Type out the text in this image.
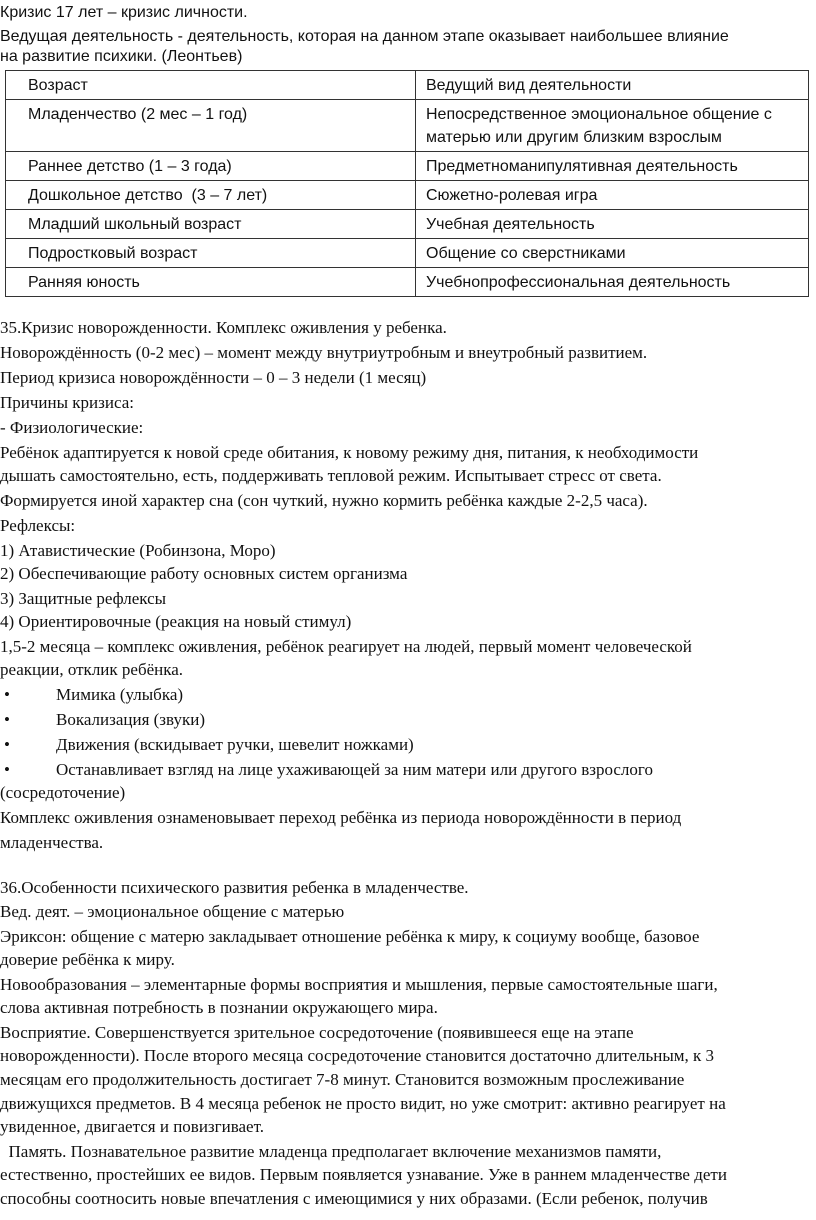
Кризис 17 лет – кризис личности.
Ведущая деятельность - деятельность, которая на данном этапе оказывает наибольшее влияние
на развитие психики. (Леонтьев)
Возраст	Ведущий вид деятельности
Младенчество (2 мес – 1 год)	Непосредственное эмоциональное общение с
матерью или другим близким взрослым

Раннее детство (1 – 3 года)	Предметноманипулятивная деятельность
Дошкольное детство  (3 – 7 лет)	Сюжетно-ролевая игра
Младший школьный возраст	Учебная деятельность
Подростковый возраст	Общение со сверстниками
Ранняя юность	Учебнопрофессиональная деятельность
35.Кризис новорожденности. Комплекс оживления у ребенка.
Новорождённость (0-2 мес) – момент между внутриутробным и внеутробный развитием.
Период кризиса новорождённости – 0 – 3 недели (1 месяц)
Причины кризиса:
- Физиологические:
Ребёнок адаптируется к новой среде обитания, к новому режиму дня, питания, к необходимости
дышать самостоятельно, есть, поддерживать тепловой режим. Испытывает стресс от света.
Формируется иной характер сна (сон чуткий, нужно кормить ребёнка каждые 2-2,5 часа).
Рефлексы:
1) Атавистические (Робинзона, Моро)
2) Обеспечивающие работу основных систем организма
3) Защитные рефлексы
4) Ориентировочные (реакция на новый стимул)
1,5-2 месяца – комплекс оживления, ребёнок реагирует на людей, первый момент человеческой
реакции, отклик ребёнка.
•	Мимика (улыбка)
•	Вокализация (звуки)
•	Движения (вскидывает ручки, шевелит ножками)
•	Останавливает взгляд на лице ухаживающей за ним матери или другого взрослого
(сосредоточение)
Комплекс оживления ознаменовывает переход ребёнка из периода новорождённости в период
младенчества.
36.Особенности психического развития ребенка в младенчестве.
Вед. деят. – эмоциональное общение с матерью
Эриксон: общение с матерю закладывает отношение ребёнка к миру, к социуму вообще, базовое
доверие ребёнка к миру.
Новообразования – элементарные формы восприятия и мышления, первые самостоятельные шаги,
слова активная потребность в познании окружающего мира.
Восприятие. Совершенствуется зрительное сосредоточение (появившееся еще на этапе
новорожденности). После второго месяца сосредоточение становится достаточно длительным, к 3
месяцам его продолжительность достигает 7-8 минут. Становится возможным прослеживание
движущихся предметов. В 4 месяца ребенок не просто видит, но уже смотрит: активно реагирует на
увиденное, двигается и повизгивает.
Память. Познавательное развитие младенца предполагает включение механизмов памяти,
естественно, простейших ее видов. Первым появляется узнавание. Уже в раннем младенчестве дети
способны соотносить новые впечатления с имеющимися у них образами. (Если ребенок, получив
